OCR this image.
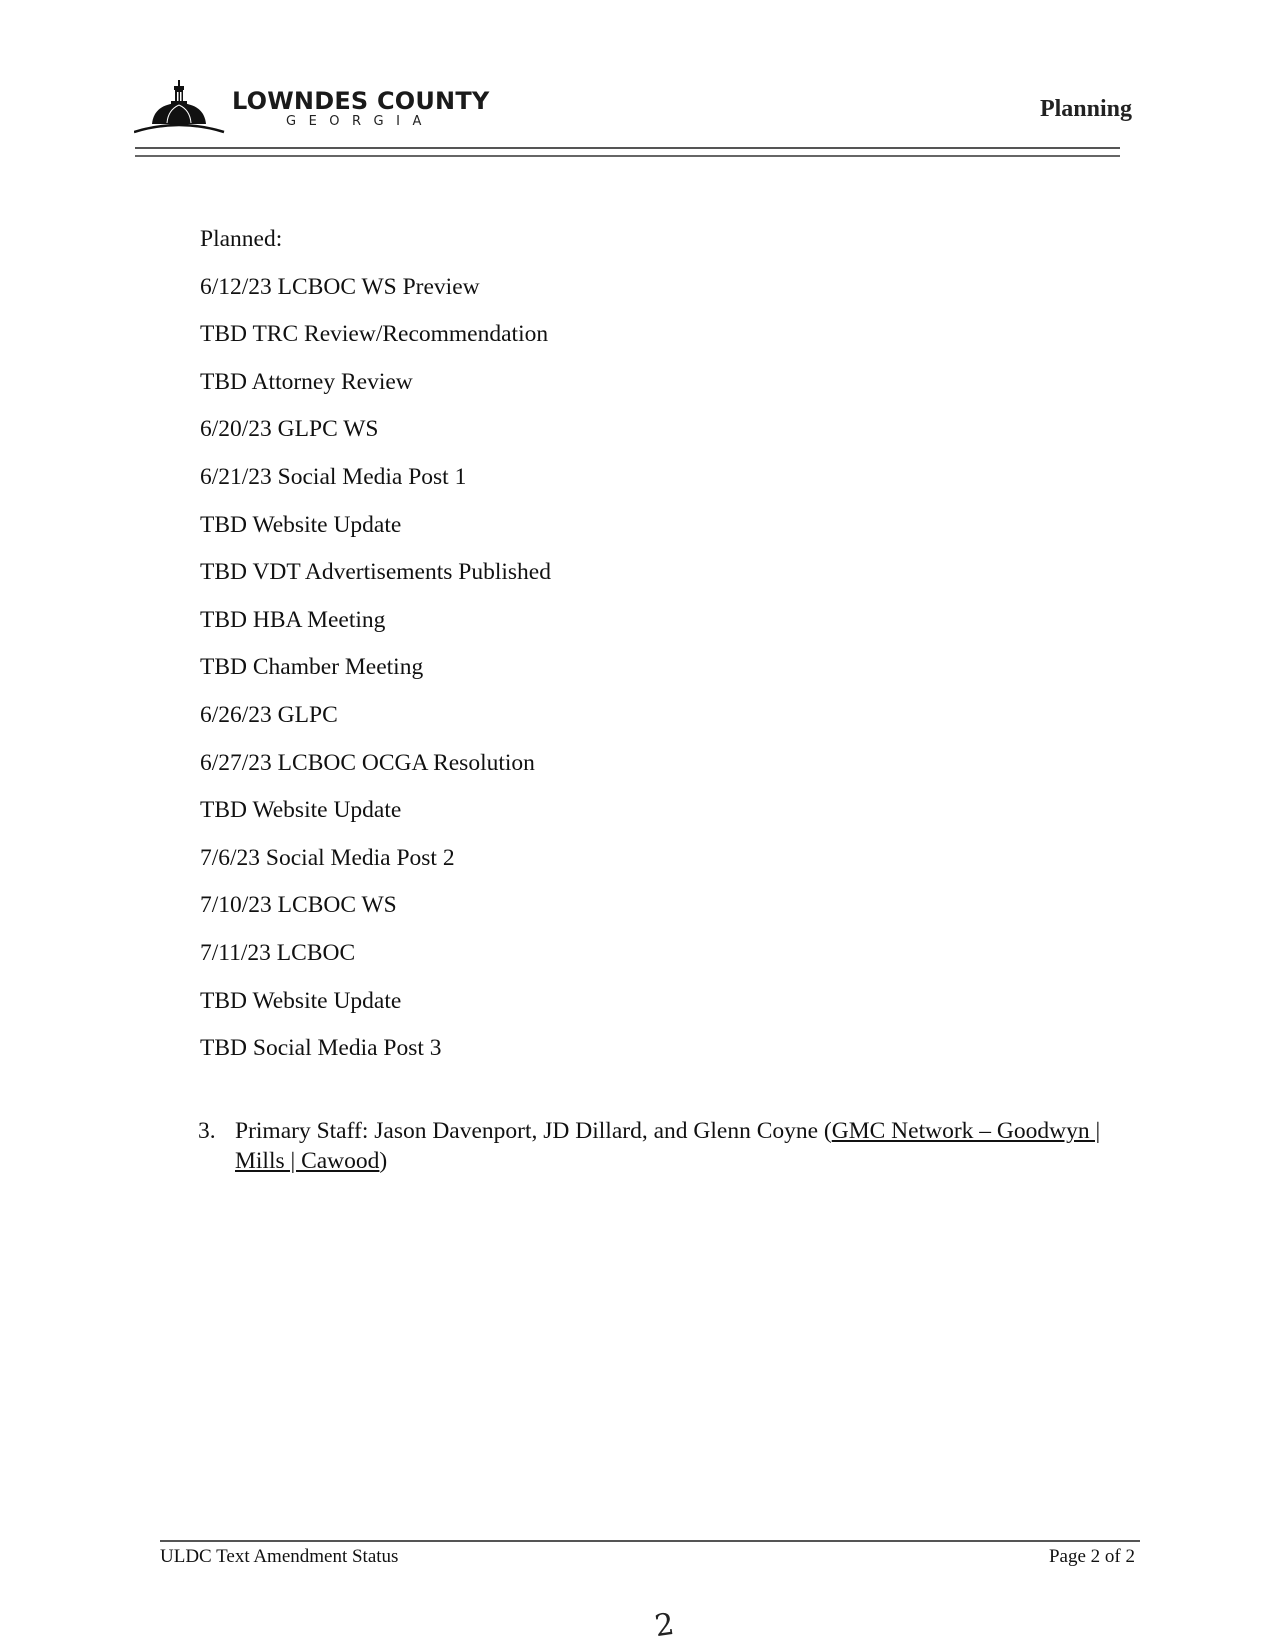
LOWNDES COUNTY
GEORGIA	Planning
Planned:
6/12/23 LCBOC WS Preview
TBD TRC Review/Recommendation
TBD Attorney Review
6/20/23 GLPC WS
6/21/23 Social Media Post 1
TBD Website Update
TBD VDT Advertisements Published
TBD HBA Meeting
TBD Chamber Meeting
6/26/23 GLPC
6/27/23 LCBOC OCGA Resolution
TBD Website Update
7/6/23 Social Media Post 2
7/10/23 LCBOC WS
7/11/23 LCBOC
TBD Website Update
TBD Social Media Post 3
3. Primary Staff: Jason Davenport, JD Dillard, and Glenn Coyne (GMC Network – Goodwyn | Mills | Cawood)
ULDC Text Amendment Status	Page 2 of 2
2
